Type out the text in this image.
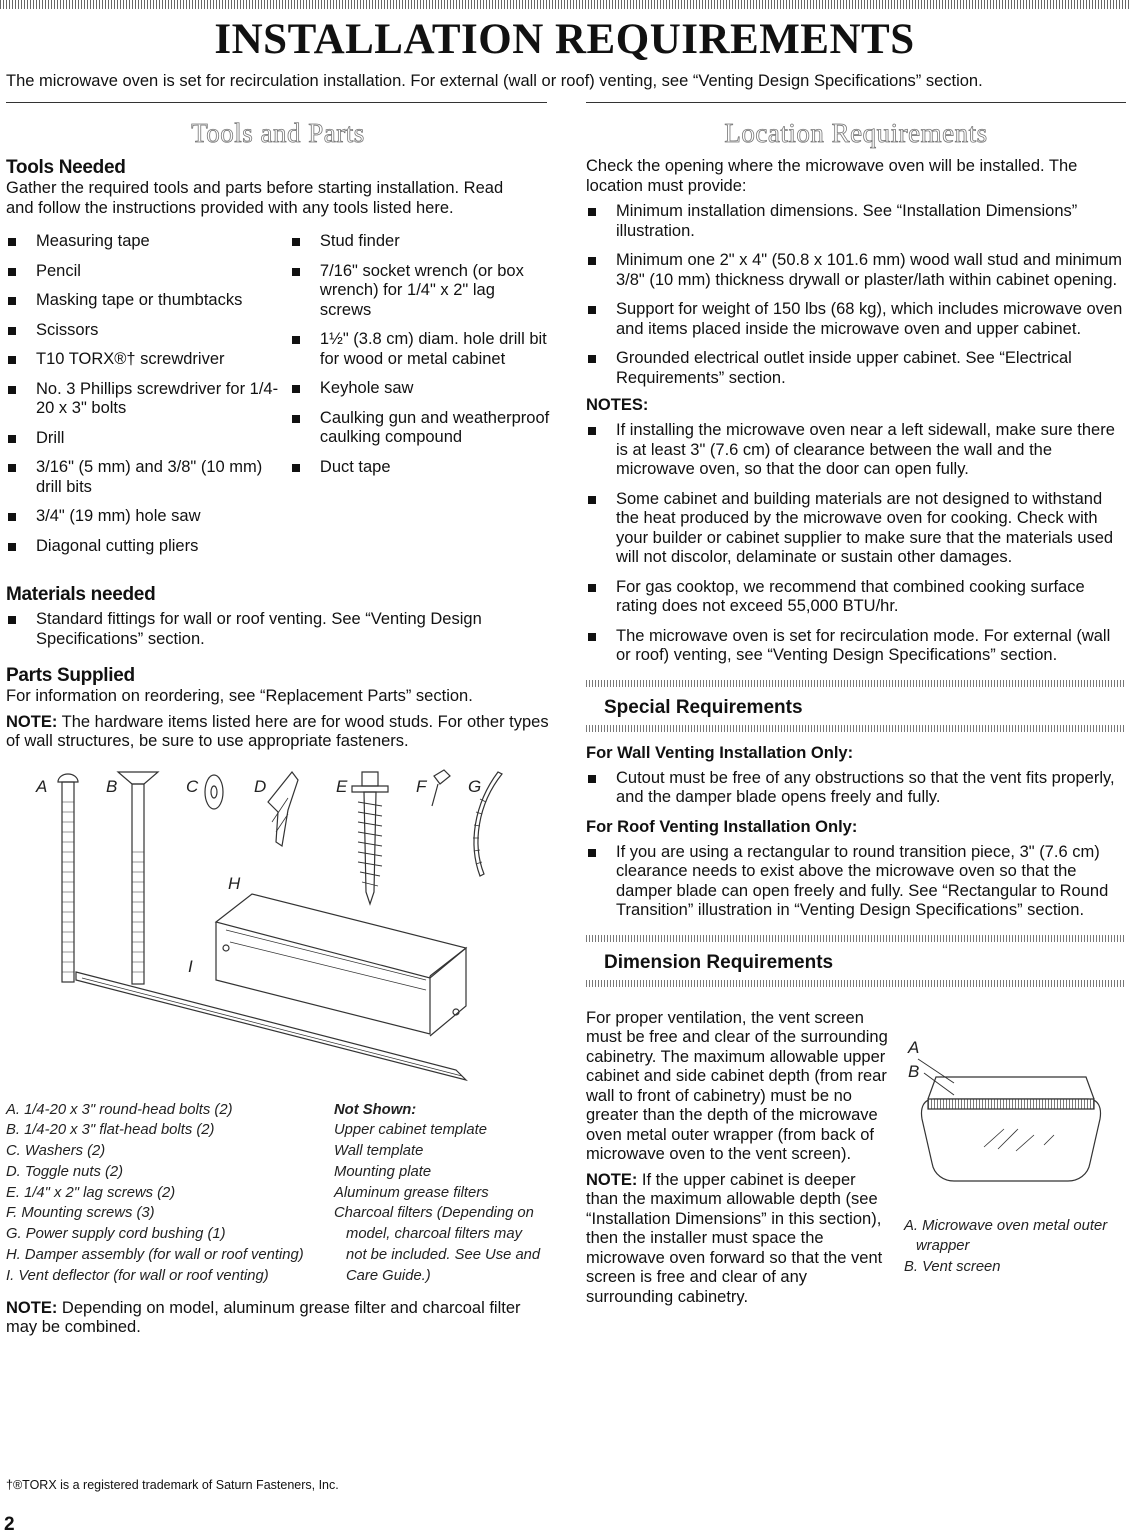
INSTALLATION REQUIREMENTS

The microwave oven is set for recirculation installation. For external (wall or roof) venting, see “Venting Design Specifications” section.

Tools and Parts
Tools Needed

Gather the required tools and parts before starting installation. Read and follow the instructions provided with any tools listed here.

Measuring tape
Pencil
Masking tape or thumbtacks
Scissors
T10 TORX®† screwdriver
No. 3 Phillips screwdriver for 1/4-20 x 3" bolts
Drill
3/16" (5 mm) and 3/8" (10 mm) drill bits
3/4" (19 mm) hole saw
Diagonal cutting pliers
Stud finder
7/16" socket wrench (or box wrench) for 1/4" x 2" lag screws
1½" (3.8 cm) diam. hole drill bit for wood or metal cabinet
Keyhole saw
Caulking gun and weatherproof caulking compound
Duct tape
Materials needed
Standard fittings for wall or roof venting. See “Venting Design Specifications” section.
Parts Supplied

For information on reordering, see “Replacement Parts” section.

NOTE: The hardware items listed here are for wood studs. For other types of wall structures, be sure to use appropriate fasteners.

A	B	C	D	E	F G
H
I
A. 1/4-20 x 3" round-head bolts (2)
B. 1/4-20 x 3" flat-head bolts (2)
C. Washers (2)
D. Toggle nuts (2)
E. 1/4" x 2" lag screws (2)
F. Mounting screws (3)
G. Power supply cord bushing (1)
H. Damper assembly (for wall or roof venting)
I. Vent deflector (for wall or roof venting)
Not Shown:
Upper cabinet template
Wall template
Mounting plate
Aluminum grease filters
Charcoal filters (Depending on model, charcoal filters may not be included. See Use and Care Guide.)

NOTE: Depending on model, aluminum grease filter and charcoal filter may be combined.

Location Requirements

Check the opening where the microwave oven will be installed. The location must provide:

Minimum installation dimensions. See “Installation Dimensions” illustration.
Minimum one 2" x 4" (50.8 x 101.6 mm) wood wall stud and minimum 3/8" (10 mm) thickness drywall or plaster/lath within cabinet opening.
Support for weight of 150 lbs (68 kg), which includes microwave oven and items placed inside the microwave oven and upper cabinet.
Grounded electrical outlet inside upper cabinet. See “Electrical Requirements” section.
NOTES:
If installing the microwave oven near a left sidewall, make sure there is at least 3" (7.6 cm) of clearance between the wall and the microwave oven, so that the door can open fully.
Some cabinet and building materials are not designed to withstand the heat produced by the microwave oven for cooking. Check with your builder or cabinet supplier to make sure that the materials used will not discolor, delaminate or sustain other damages.
For gas cooktop, we recommend that combined cooking surface rating does not exceed 55,000 BTU/hr.
The microwave oven is set for recirculation mode. For external (wall or roof) venting, see “Venting Design Specifications” section.
Special Requirements
For Wall Venting Installation Only:
Cutout must be free of any obstructions so that the vent fits properly, and the damper blade opens freely and fully.
For Roof Venting Installation Only:
If you are using a rectangular to round transition piece, 3" (7.6 cm) clearance needs to exist above the microwave oven so that the damper blade can open freely and fully. See “Rectangular to Round Transition” illustration in “Venting Design Specifications” section.
Dimension Requirements

For proper ventilation, the vent screen must be free and clear of the surrounding cabinetry. The maximum allowable upper cabinet and side cabinet depth (from rear wall to front of cabinetry) must be no greater than the depth of the microwave oven metal outer wrapper (from back of microwave oven to the vent screen).

NOTE: If the upper cabinet is deeper than the maximum allowable depth (see “Installation Dimensions” in this section), then the installer must space the microwave oven forward so that the vent screen is free and clear of any surrounding cabinetry.

A
B
A. Microwave oven metal outer wrapper
B. Vent screen
†®TORX is a registered trademark of Saturn Fasteners, Inc.
2
